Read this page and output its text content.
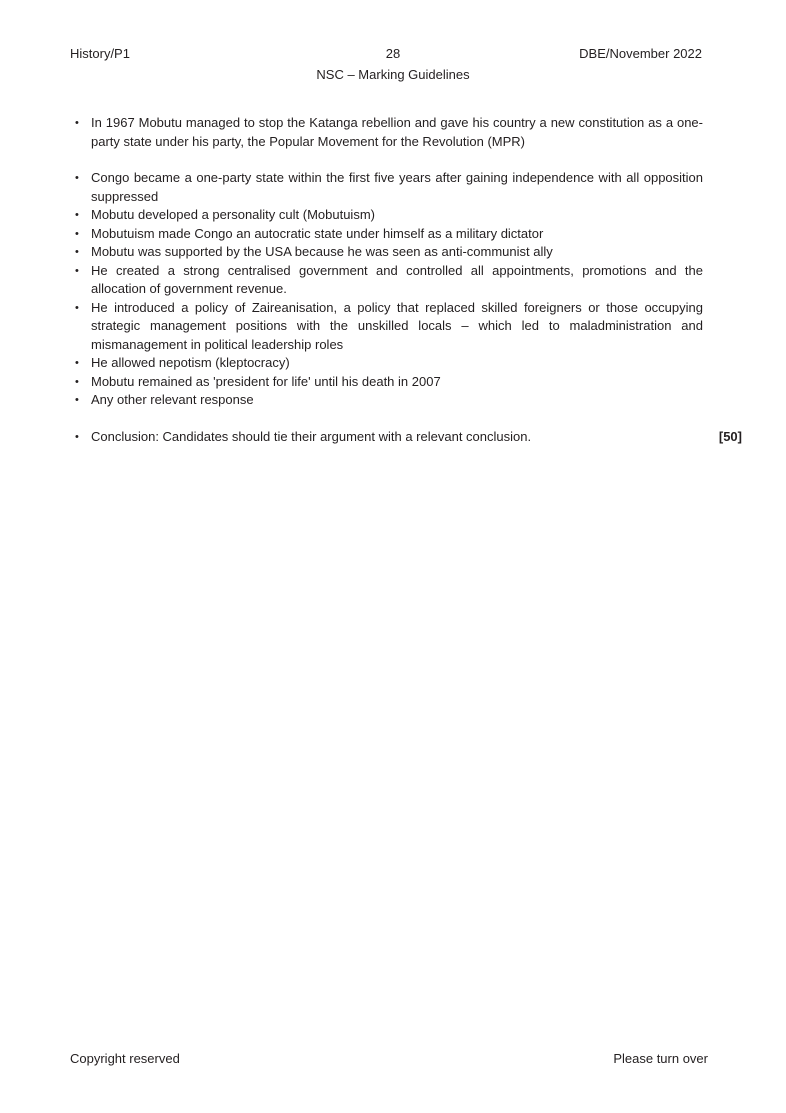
History/P1	28	DBE/November 2022
NSC – Marking Guidelines
• In 1967 Mobutu managed to stop the Katanga rebellion and gave his country a new constitution as a one-party state under his party, the Popular Movement for the Revolution (MPR)
• Congo became a one-party state within the first five years after gaining independence with all opposition suppressed
• Mobutu developed a personality cult (Mobutuism)
• Mobutuism made Congo an autocratic state under himself as a military dictator
• Mobutu was supported by the USA because he was seen as anti-communist ally
• He created a strong centralised government and controlled all appointments, promotions and the allocation of government revenue.
• He introduced a policy of Zaireanisation, a policy that replaced skilled foreigners or those occupying strategic management positions with the unskilled locals – which led to maladministration and mismanagement in political leadership roles
• He allowed nepotism (kleptocracy)
• Mobutu remained as 'president for life' until his death in 2007
• Any other relevant response
• Conclusion: Candidates should tie their argument with a relevant conclusion.	[50]
Copyright reserved	Please turn over
